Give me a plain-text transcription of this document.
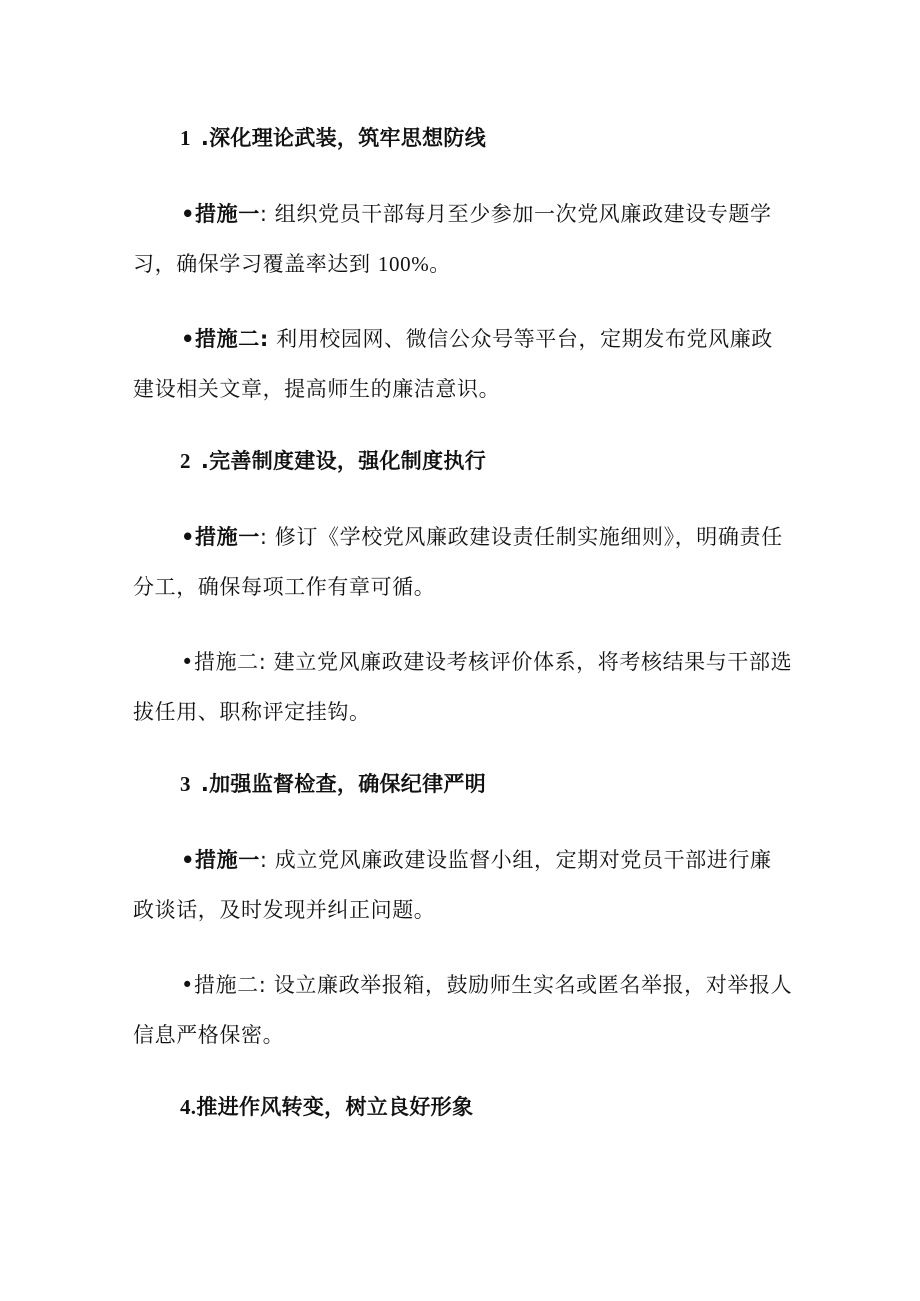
1 .深化理论武装，筑牢思想防线
•措施一: 组织党员干部每月至少参加一次党风廉政建设专题学习，确保学习覆盖率达到 100%。
•措施二: 利用校园网、微信公众号等平台，定期发布党风廉政建设相关文章，提高师生的廉洁意识。
2 .完善制度建设，强化制度执行
•措施一: 修订《学校党风廉政建设责任制实施细则》，明确责任分工，确保每项工作有章可循。
•措施二: 建立党风廉政建设考核评价体系，将考核结果与干部选拔任用、职称评定挂钩。
3 .加强监督检查，确保纪律严明
•措施一: 成立党风廉政建设监督小组，定期对党员干部进行廉政谈话，及时发现并纠正问题。
•措施二: 设立廉政举报箱，鼓励师生实名或匿名举报，对举报人信息严格保密。
4.推进作风转变，树立良好形象
